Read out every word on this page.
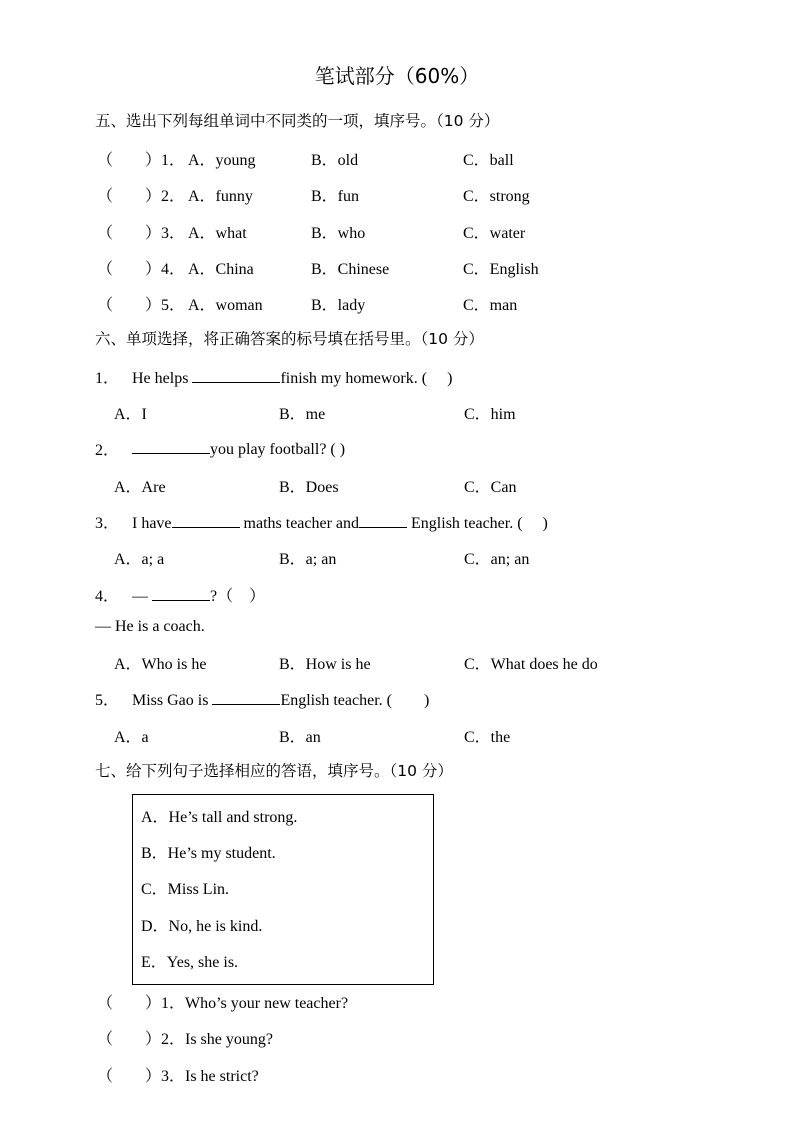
笔试部分（60%）
五、选出下列每组单词中不同类的一项，填序号。（10 分）
（　　）1． A．young	B．old	C．ball
（　　）2． A．funny	B．fun	C．strong
（　　）3． A．what	B．who	C．water
（　　）4． A．China	B．Chinese	C．English
（　　）5． A．woman	B．lady	C．man
六、单项选择，将正确答案的标号填在括号里。（10 分）
1． He helps	finish my homework. (　 )
A．I	B．me	C．him
2．	you play football? ( )
A．Are	B．Does	C．Can
3． I have	maths teacher and	English teacher. (　 )
A．a; a	B．a; an	C．an; an
4． —	?（　）
— He is a coach.
A．Who is he	B．How is he	C．What does he do
5． Miss Gao is	English teacher. (　　)
A．a	B．an	C．the
七、给下列句子选择相应的答语，填序号。（10 分）
A．He’s tall and strong.
B．He’s my student.
C．Miss Lin.
D．No, he is kind.
E．Yes, she is.
（　　）1．Who’s your new teacher?
（　　）2．Is she young?
（　　）3．Is he strict?
